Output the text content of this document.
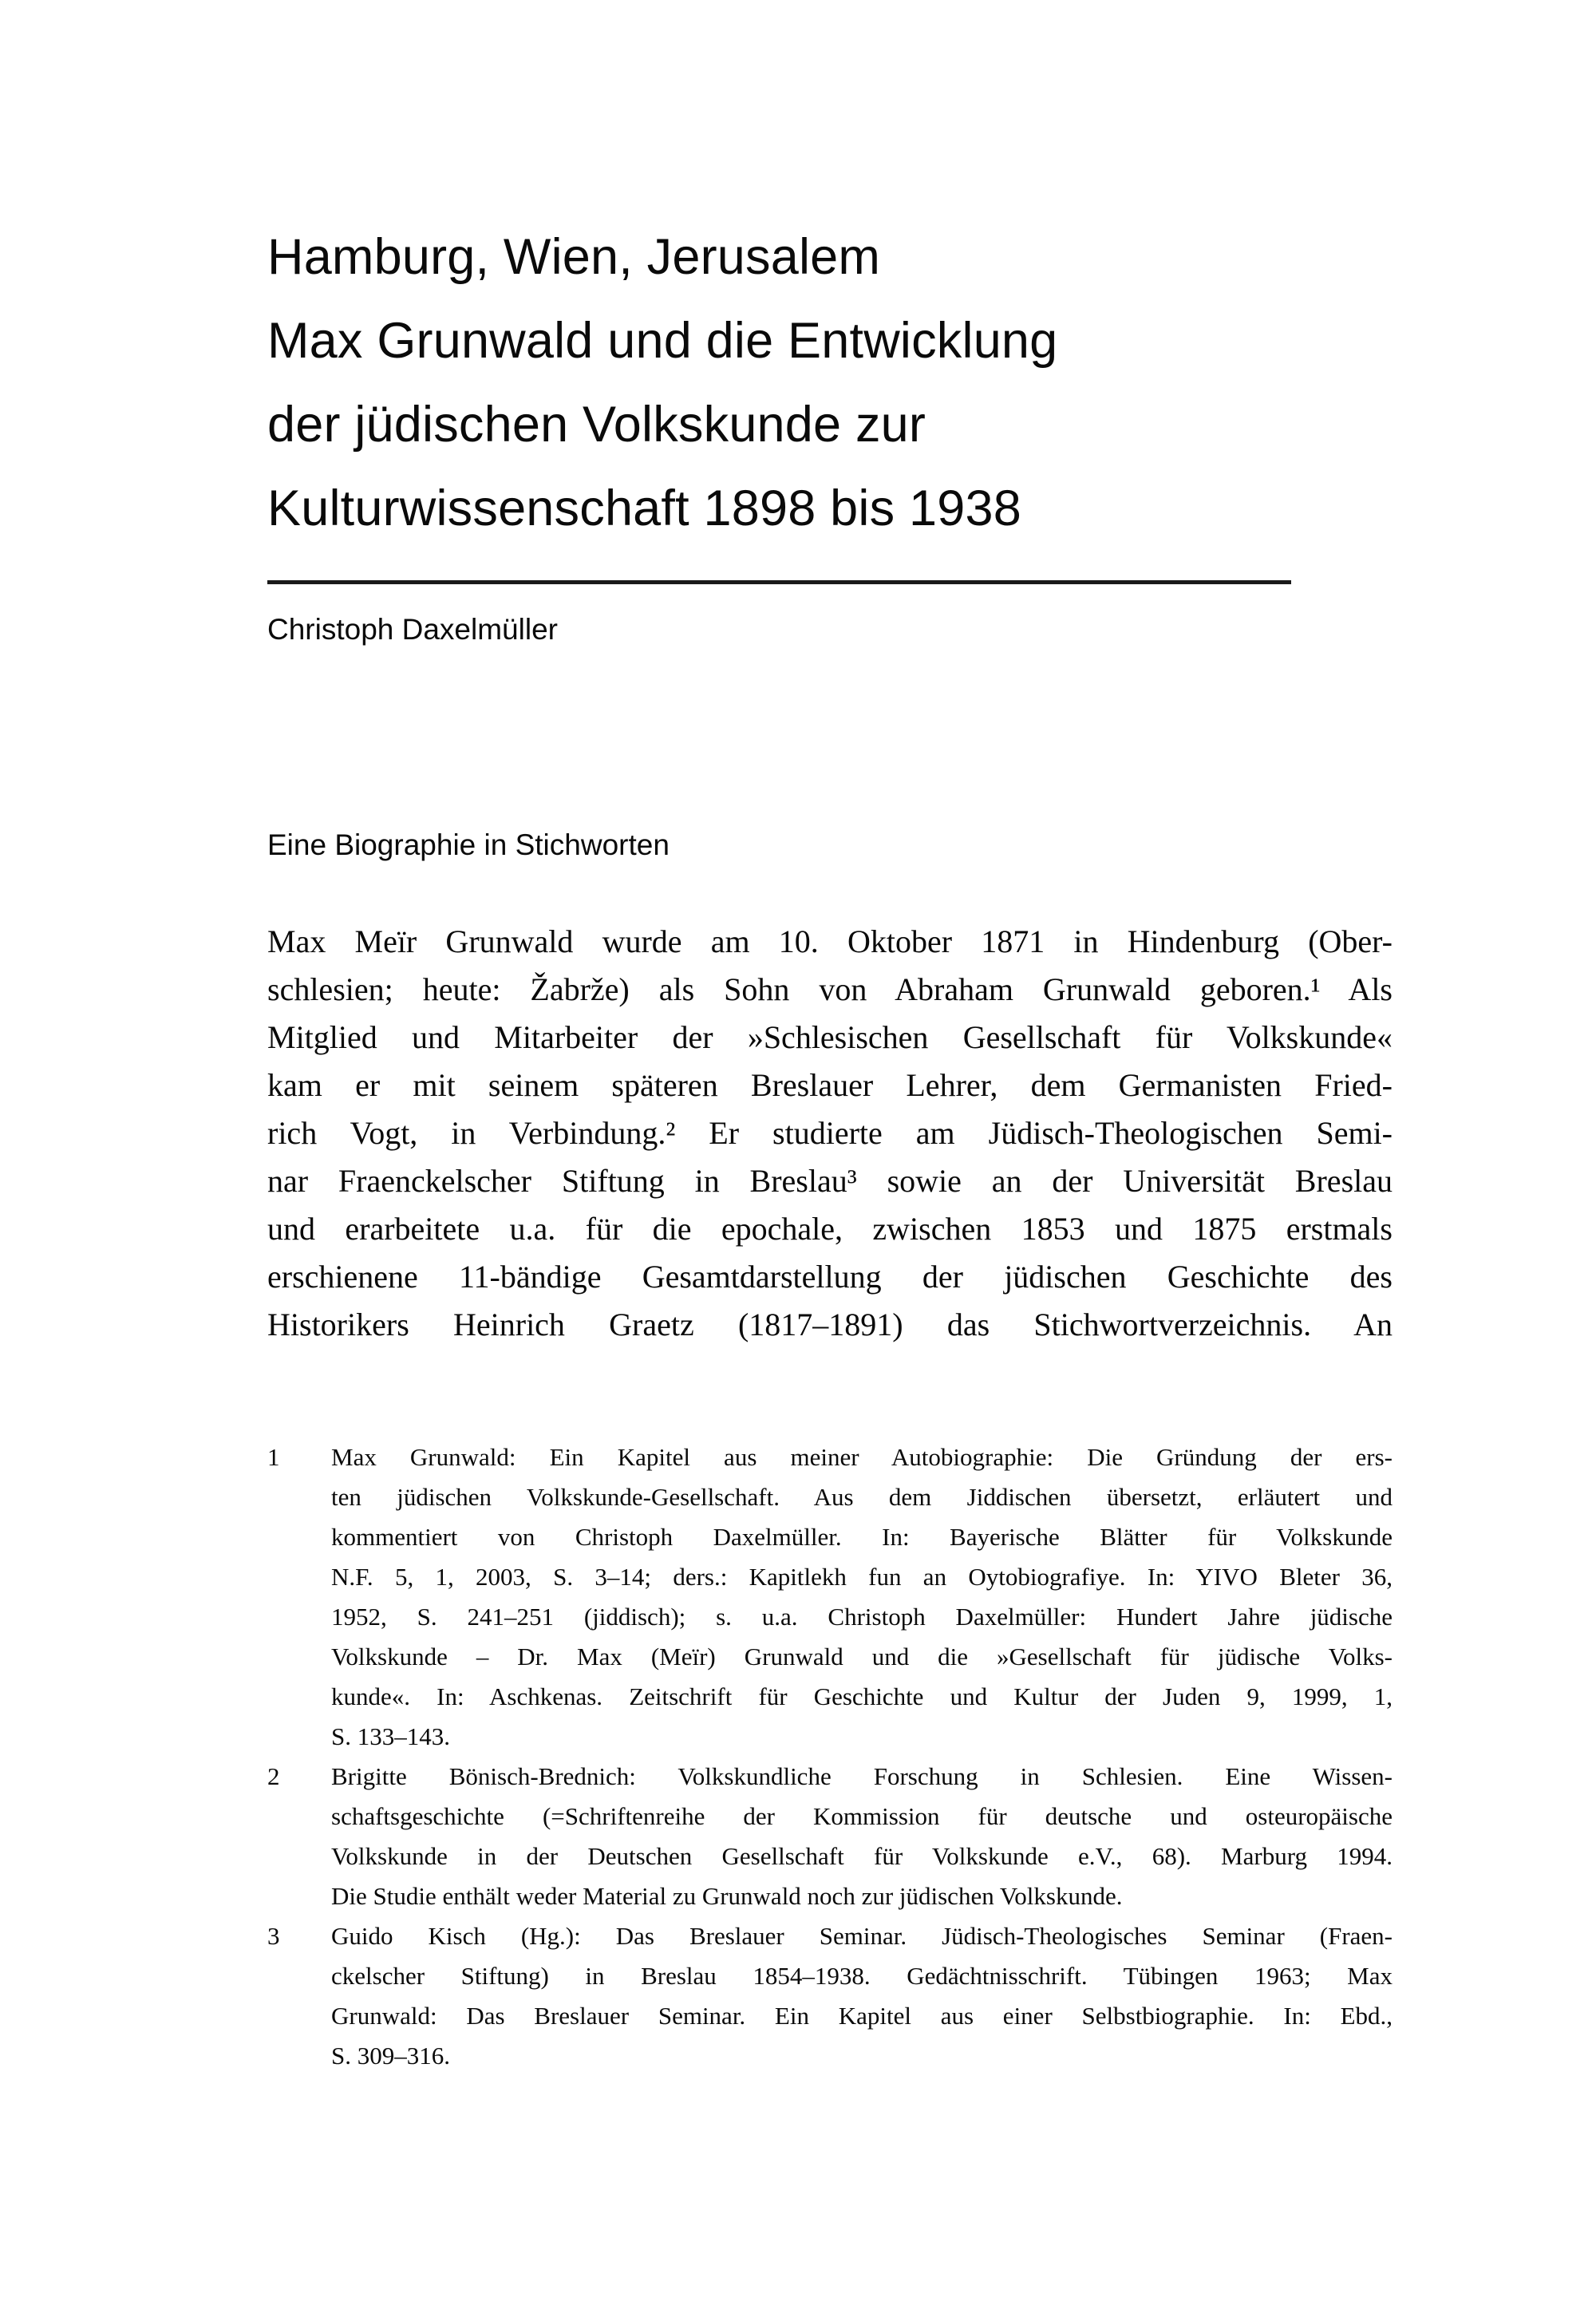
Hamburg, Wien, Jerusalem
Max Grunwald und die Entwicklung
der jüdischen Volkskunde zur
Kulturwissenschaft 1898 bis 1938
Christoph Daxelmüller
Eine Biographie in Stichworten
Max Meïr Grunwald wurde am 10. Oktober 1871 in Hindenburg (Ober-
schlesien; heute: Žabrže) als Sohn von Abraham Grunwald geboren.¹ Als
Mitglied und Mitarbeiter der »Schlesischen Gesellschaft für Volkskunde«
kam er mit seinem späteren Breslauer Lehrer, dem Germanisten Fried-
rich Vogt, in Verbindung.² Er studierte am Jüdisch-Theologischen Semi-
nar Fraenckelscher Stiftung in Breslau³ sowie an der Universität Breslau
und erarbeitete u.a. für die epochale, zwischen 1853 und 1875 erstmals
erschienene 11-bändige Gesamtdarstellung der jüdischen Geschichte des
Historikers Heinrich Graetz (1817–1891) das Stichwortverzeichnis. An
1	Max Grunwald: Ein Kapitel aus meiner Autobiographie: Die Gründung der ers-
ten jüdischen Volkskunde-Gesellschaft. Aus dem Jiddischen übersetzt, erläutert und
kommentiert von Christoph Daxelmüller. In: Bayerische Blätter für Volkskunde
N.F. 5, 1, 2003, S. 3–14; ders.: Kapitlekh fun an Oytobiografiye. In: YIVO Bleter 36,
1952, S. 241–251 (jiddisch); s. u.a. Christoph Daxelmüller: Hundert Jahre jüdische
Volkskunde – Dr. Max (Meïr) Grunwald und die »Gesellschaft für jüdische Volks-
kunde«. In: Aschkenas. Zeitschrift für Geschichte und Kultur der Juden 9, 1999, 1,
S. 133–143.
2	Brigitte Bönisch-Brednich: Volkskundliche Forschung in Schlesien. Eine Wissen-
schaftsgeschichte (=Schriftenreihe der Kommission für deutsche und osteuropäische
Volkskunde in der Deutschen Gesellschaft für Volkskunde e.V., 68). Marburg 1994.
Die Studie enthält weder Material zu Grunwald noch zur jüdischen Volkskunde.
3	Guido Kisch (Hg.): Das Breslauer Seminar. Jüdisch-Theologisches Seminar (Fraen-
ckelscher Stiftung) in Breslau 1854–1938. Gedächtnisschrift. Tübingen 1963; Max
Grunwald: Das Breslauer Seminar. Ein Kapitel aus einer Selbstbiographie. In: Ebd.,
S. 309–316.
